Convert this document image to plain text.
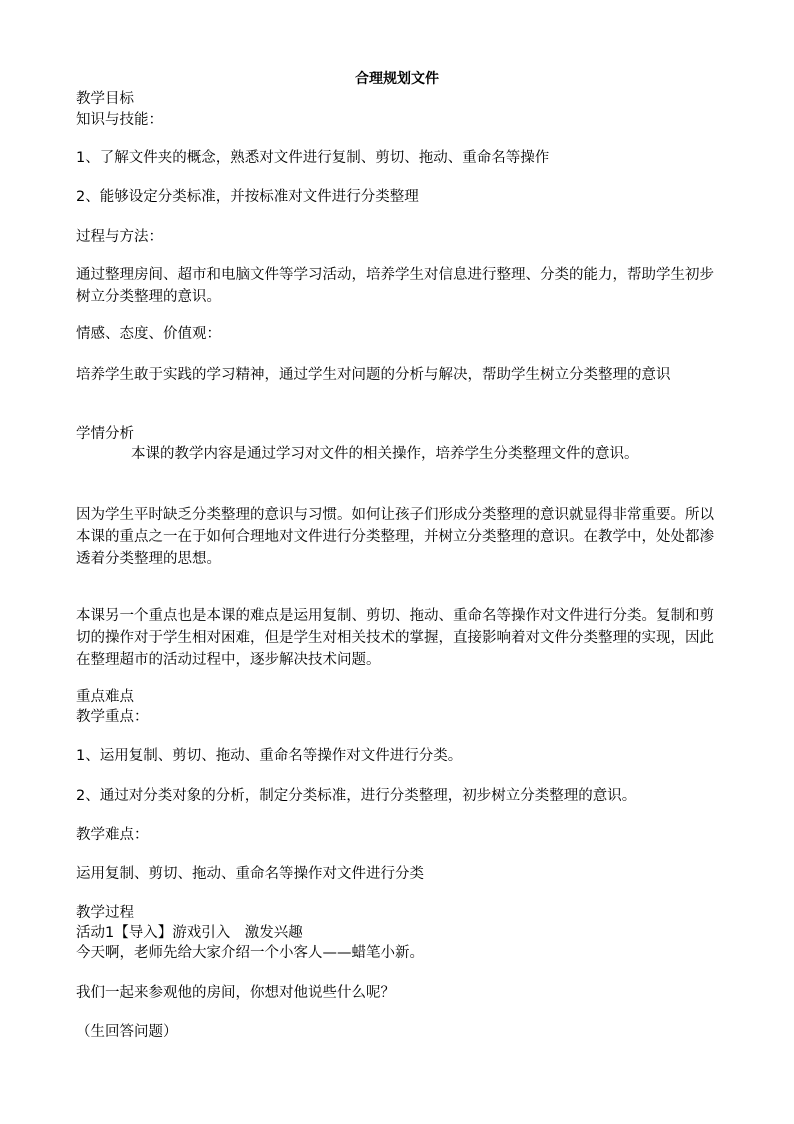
合理规划文件

教学目标

知识与技能：

1、了解文件夹的概念，熟悉对文件进行复制、剪切、拖动、重命名等操作

2、能够设定分类标准，并按标准对文件进行分类整理

过程与方法：

通过整理房间、超市和电脑文件等学习活动，培养学生对信息进行整理、分类的能力，帮助学生初步树立分类整理的意识。

情感、态度、价值观：

培养学生敢于实践的学习精神，通过学生对问题的分析与解决，帮助学生树立分类整理的意识

学情分析

本课的教学内容是通过学习对文件的相关操作，培养学生分类整理文件的意识。

因为学生平时缺乏分类整理的意识与习惯。如何让孩子们形成分类整理的意识就显得非常重要。所以本课的重点之一在于如何合理地对文件进行分类整理，并树立分类整理的意识。在教学中，处处都渗透着分类整理的思想。

本课另一个重点也是本课的难点是运用复制、剪切、拖动、重命名等操作对文件进行分类。复制和剪切的操作对于学生相对困难，但是学生对相关技术的掌握，直接影响着对文件分类整理的实现，因此在整理超市的活动过程中，逐步解决技术问题。

重点难点

教学重点：

1、运用复制、剪切、拖动、重命名等操作对文件进行分类。

2、通过对分类对象的分析，制定分类标准，进行分类整理，初步树立分类整理的意识。

教学难点：

运用复制、剪切、拖动、重命名等操作对文件进行分类

教学过程

活动1【导入】游戏引入　激发兴趣

今天啊，老师先给大家介绍一个小客人——蜡笔小新。

我们一起来参观他的房间，你想对他说些什么呢？

（生回答问题）
